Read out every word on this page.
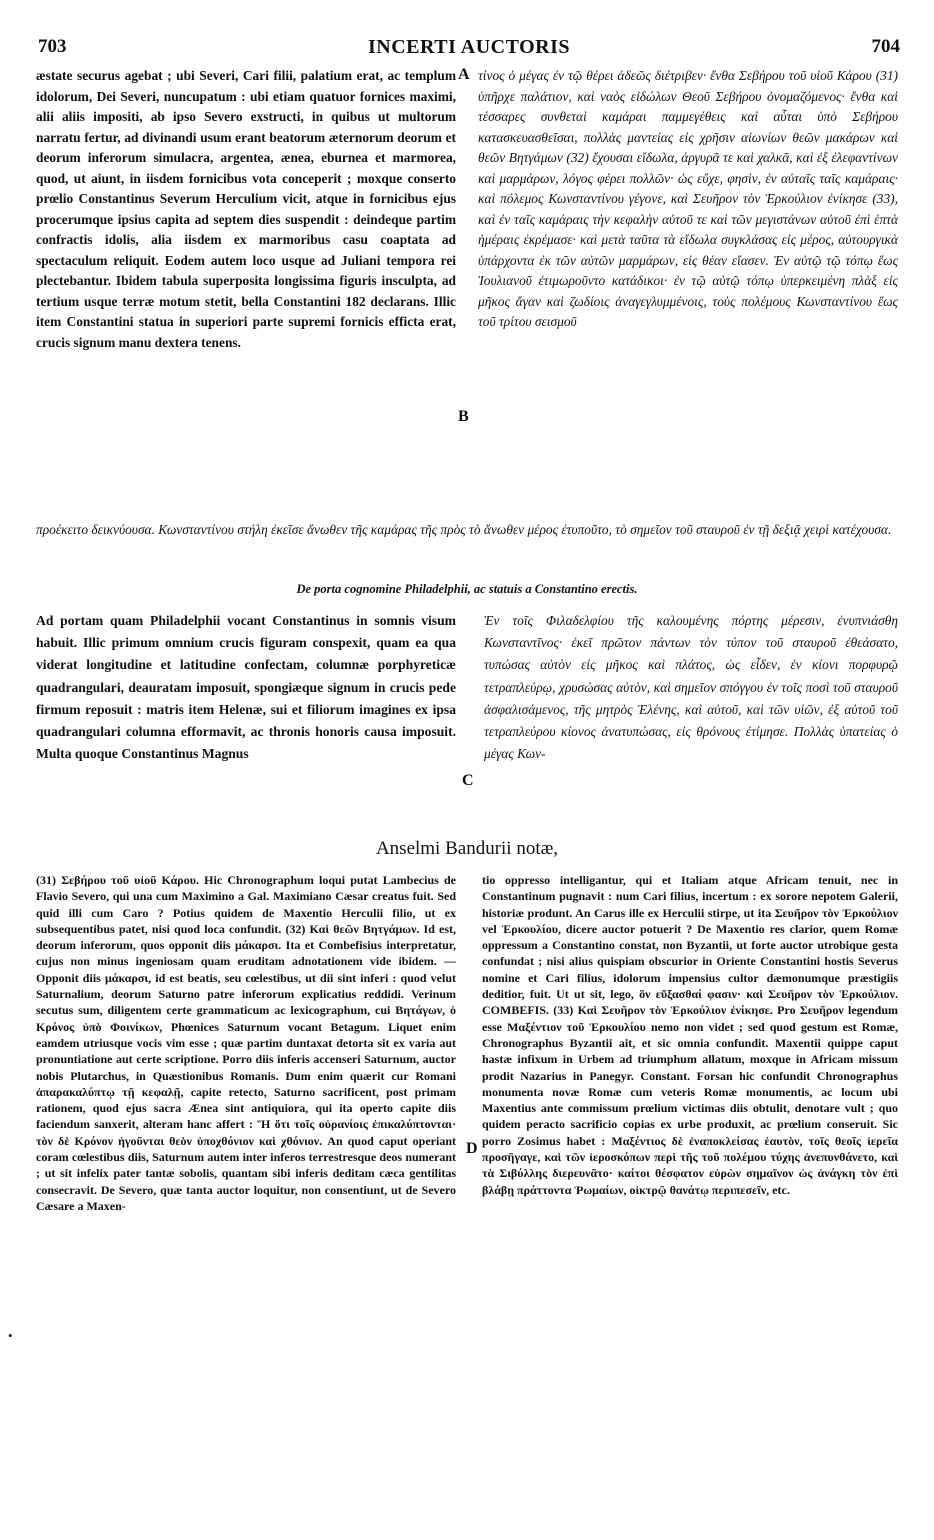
703	INCERTI AUCTORIS	704

æstate securus agebat ; ubi Severi, Cari filii, palatium erat, ac templum idolorum, Dei Severi, nuncupatum : ubi etiam quatuor fornices maximi, alii aliis impositi, ab ipso Severo exstructi, in quibus ut multorum narratu fertur, ad divinandi usum erant beatorum æternorum deorum et deorum inferorum simulacra, argentea, ænea, eburnea et marmorea, quod, ut aiunt, in iisdem fornicibus vota conceperit ; moxque conserto prœlio Constantinus Severum Herculium vicit, atque in fornicibus ejus procerumque ipsius capita ad septem dies suspendit : deindeque partim confractis idolis, alia iisdem ex marmoribus casu coaptata ad spectaculum reliquit. Eodem autem loco usque ad Juliani tempora rei plectebantur. Ibidem tabula superposita longissima figuris insculpta, ad tertium usque terræ motum stetit, bella Constantini 182 declarans. Illic item Constantini statua in superiori parte supremi fornicis efficta erat, crucis signum manu dextera tenens.

A
B

τίνος ὁ μέγας ἐν τῷ θέρει ἀδεῶς διέτριβεν· ἔνθα Σεβήρου τοῦ υἱοῦ Κάρου (31) ὑπῆρχε παλάτιον, καὶ ναὸς εἰδώλων Θεοῦ Σεβήρου ὀνομαζόμενος· ἔνθα καὶ τέσσαρες συνθεταὶ καμάραι παμμεγέθεις καὶ αὗται ὑπὸ Σεβήρου κατασκευασθεῖσαι, πολλὰς μαντείας εἰς χρῆσιν αἰωνίων θεῶν μακάρων καὶ θεῶν Βητγάμων (32) ἔχουσαι εἴδωλα, ἀργυρᾶ τε καὶ χαλκᾶ, καὶ ἐξ ἐλεφαντίνων καὶ μαρμάρων, λόγος φέρει πολλῶν· ὡς εὔχε, φησὶν, ἐν αὐταῖς ταῖς καμάραις· καὶ πόλεμος Κωνσταντίνου γέγονε, καὶ Σευῆρον τὸν Ἑρκούλιον ἐνίκησε (33), καὶ ἐν ταῖς καμάραις τὴν κεφαλὴν αὐτοῦ τε καὶ τῶν μεγιστάνων αὐτοῦ ἐπὶ ἑπτὰ ἡμέραις ἐκρέμασε· καὶ μετὰ ταῦτα τὰ εἴδωλα συγκλάσας εἰς μέρος, αὐτουργικὰ ὑπάρχοντα ἐκ τῶν αὐτῶν μαρμάρων, εἰς θέαν εἴασεν. Ἐν αὐτῷ τῷ τόπῳ ἕως Ἰουλιανοῦ ἐτιμωροῦντο κατάδικοι· ἐν τῷ αὐτῷ τόπῳ ὑπερκειμένη πλὰξ εἰς μῆκος ἄγαν καὶ ζωδίοις ἀναγεγλυμμένοις, τοὺς πολέμους Κωνσταντίνου ἕως τοῦ τρίτου σεισμοῦ

προέκειτο δεικνύουσα. Κωνσταντίνου στήλη ἐκεῖσε ἄνωθεν τῆς καμάρας τῆς πρὸς τὸ ἄνωθεν μέρος ἐτυποῦτο, τὸ σημεῖον τοῦ σταυροῦ ἐν τῇ δεξιᾷ χειρὶ κατέχουσα.

De porta cognomine Philadelphii, ac statuis a Constantino erectis.

Ad portam quam Philadelphii vocant Constantinus in somnis visum habuit. Illic primum omnium crucis figuram conspexit, quam ea qua viderat longitudine et latitudine confectam, columnæ porphyreticæ quadrangulari, deauratam imposuit, spongiæque signum in crucis pede firmum reposuit : matris item Helenæ, sui et filiorum imagines ex ipsa quadrangulari columna efformavit, ac thronis honoris causa imposuit. Multa quoque Constantinus Magnus

C

Ἐν τοῖς Φιλαδελφίου τῆς καλουμένης πόρτης μέρεσιν, ἐνυπνιάσθη Κωνσταντῖνος· ἐκεῖ πρῶτον πάντων τὸν τύπον τοῦ σταυροῦ ἐθεάσατο, τυπώσας αὐτὸν εἰς μῆκος καὶ πλάτος, ὡς εἶδεν, ἐν κίονι πορφυρῷ τετραπλεύρῳ, χρυσώσας αὐτὸν, καὶ σημεῖον σπόγγου ἐν τοῖς ποσὶ τοῦ σταυροῦ ἀσφαλισάμενος, τῆς μητρὸς Ἑλένης, καὶ αὐτοῦ, καὶ τῶν υἱῶν, ἐξ αὐτοῦ τοῦ τετραπλεύρου κίονος ἀνατυπώσας, εἰς θρόνους ἐτίμησε. Πολλὰς ὑπατείας ὁ μέγας Κων-

Anselmi Bandurii notæ,

(31) Σεβήρου τοῦ υἱοῦ Κάρου. Hic Chronographum loqui putat Lambecius de Flavio Severo, qui una cum Maximino a Gal. Maximiano Cæsar creatus fuit. Sed quid illi cum Caro ? Potius quidem de Maxentio Herculii filio, ut ex subsequentibus patet, nisi quod loca confundit. (32) Καὶ θεῶν Βητγάμων. Id est, deorum inferorum, quos opponit diis μάκαρσι. Ita et Combefisius interpretatur, cujus non minus ingeniosam quam eruditam adnotationem vide ibidem. — Opponit diis μάκαρσι, id est beatis, seu cœlestibus, ut dii sint inferi : quod velut Saturnalium, deorum Saturno patre inferorum explicatius reddidi. Verinum secutus sum, diligentem certe grammaticum ac lexicographum, cui Βητάγων, ὁ Κρόνος ὑπὸ Φοινίκων, Phœnices Saturnum vocant Betagum. Liquet enim eamdem utriusque vocis vim esse ; quæ partim duntaxat detorta sit ex varia aut pronuntiatione aut certe scriptione. Porro diis inferis accenseri Saturnum, auctor nobis Plutarchus, in Quæstionibus Romanis. Dum enim quærit cur Romani ἀπαρακαλύπτῳ τῇ κεφαλῇ, capite retecto, Saturno sacrificent, post primam rationem, quod ejus sacra Æneа sint antiquiora, qui ita operto capite diis faciendum sanxerit, alteram hanc affert : Ἢ ὅτι τοῖς οὐρανίοις ἐπικαλύπτονται· τὸν δὲ Κρόνον ἡγοῦνται θεὸν ὑποχθόνιον καὶ χθόνιον. An quod caput operiant coram cœlestibus diis, Saturnum autem inter inferos terrestresque deos numerant ; ut sit infelix pater tantæ sobolis, quantam sibi inferis deditam cæca gentilitas consecravit. De Severo, quæ tanta auctor loquitur, non consentiunt, ut de Severo Cæsare a Maxen-

D

tio oppresso intelligantur, qui et Italiam atque Africam tenuit, nec in Constantinum pugnavit : num Cari filius, incertum : ex sorore nepotem Galerii, historiæ produnt. An Carus ille ex Herculii stirpe, ut ita Σευῆρον τὸν Ἑρκούλιον vel Ἑρκουλίου, dicere auctor potuerit ? De Maxentio res clarior, quem Romæ oppressum a Constantino constat, non Byzantii, ut forte auctor utrobique gesta confundat ; nisi alius quispiam obscurior in Oriente Constantini hostis Severus nomine et Cari filius, idolorum impensius cultor dæmonumque præstigiis deditior, fuit. Ut ut sit, lego, ὃν εὔξασθαί φασιν· καὶ Σευῆρον τὸν Ἑρκούλιον. COMBEFIS. (33) Καὶ Σευῆρον τὸν Ἑρκούλιον ἐνίκησε. Pro Σευῆρον legendum esse Μαξέντιον τοῦ Ἑρκουλίου nemo non videt ; sed quod gestum est Romæ, Chronographus Byzantii ait, et sic omnia confundit. Maxentii quippe caput hastæ infixum in Urbem ad triumphum allatum, moxque in Africam missum prodit Nazarius in Panegyr. Constant. Forsan hic confundit Chronographus monumenta novæ Romæ cum veteris Romæ monumentis, ac locum ubi Maxentius ante commissum prœlium victimas diis obtulit, denotare vult ; quo quidem peracto sacrificio copias ex urbe produxit, ac prœlium conseruit. Sic porro Zosimus habet : Μαξέντιος δὲ ἐναποκλείσας ἑαυτὸν, τοῖς θεοῖς ἱερεῖα προσῆγαγε, καὶ τῶν ἱεροσκόπων περὶ τῆς τοῦ πολέμου τύχης ἀνεπυνθάνετο, καὶ τὰ Σιβύλλης διερευνᾶτο· καίτοι θέσφατον εὑρὼν σημαῖνον ὡς ἀνάγκη τὸν ἐπὶ βλάβῃ πράττοντα Ῥωμαίων, οἰκτρῷ θανάτῳ περιπεσεῖν, etc.

•
